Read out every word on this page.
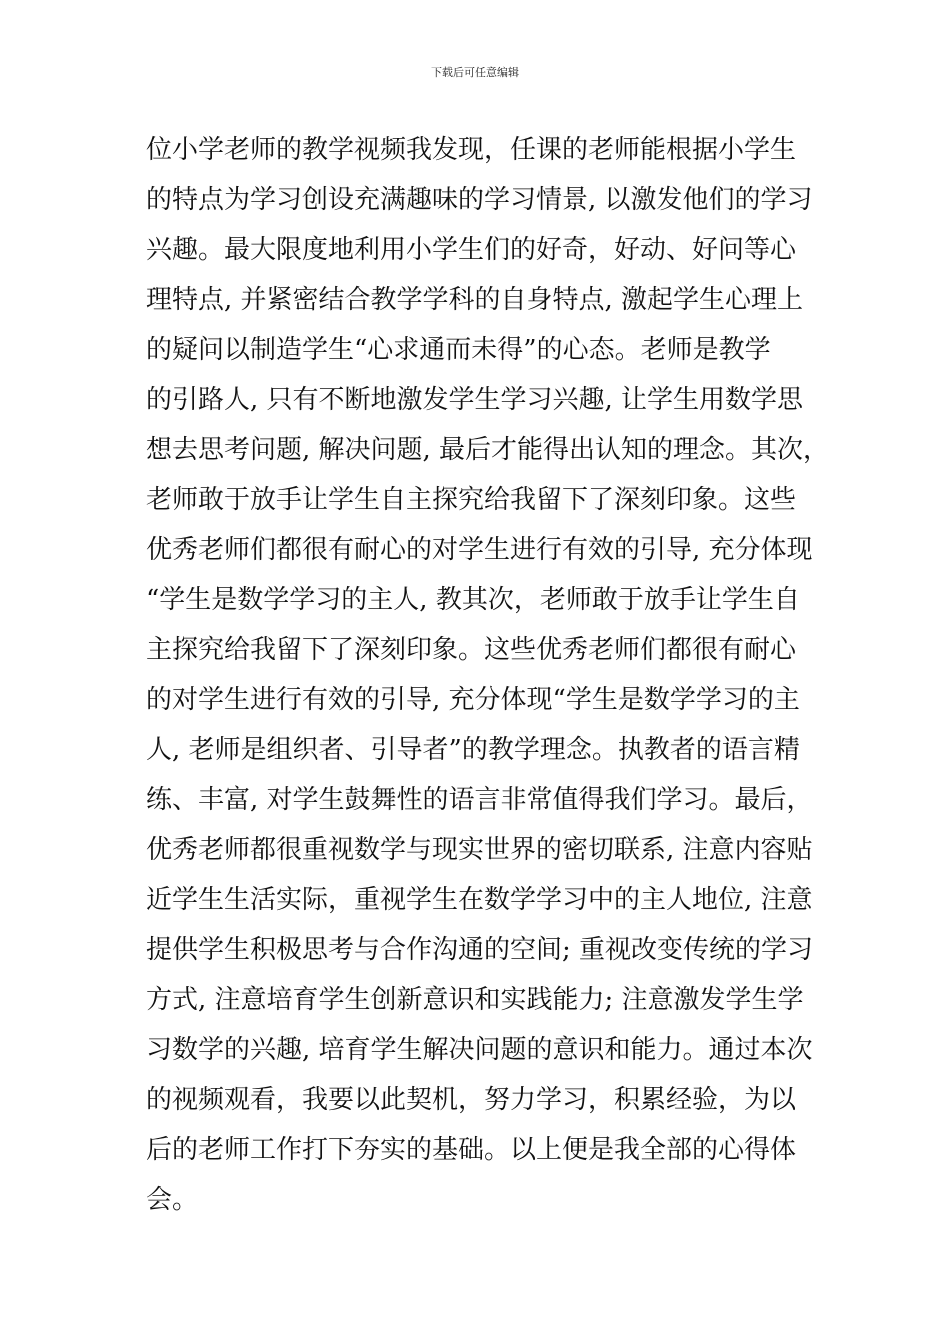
下载后可任意编辑
位小学老师的教学视频我发现，任课的老师能根据小学生
的特点为学习创设充满趣味的学习情景, 以激发他们的学习
兴趣。最大限度地利用小学生们的好奇，好动、好问等心
理特点, 并紧密结合教学学科的自身特点, 激起学生心理上
的疑问以制造学生“心求通而未得”的心态。老师是教学
的引路人, 只有不断地激发学生学习兴趣, 让学生用数学思
想去思考问题, 解决问题, 最后才能得出认知的理念。其次，
老师敢于放手让学生自主探究给我留下了深刻印象。这些
优秀老师们都很有耐心的对学生进行有效的引导, 充分体现
“学生是数学学习的主人, 教其次，老师敢于放手让学生自
主探究给我留下了深刻印象。这些优秀老师们都很有耐心
的对学生进行有效的引导, 充分体现“学生是数学学习的主
人, 老师是组织者、引导者”的教学理念。执教者的语言精
练、丰富, 对学生鼓舞性的语言非常值得我们学习。最后，
优秀老师都很重视数学与现实世界的密切联系, 注意内容贴
近学生生活实际，重视学生在数学学习中的主人地位, 注意
提供学生积极思考与合作沟通的空间; 重视改变传统的学习
方式, 注意培育学生创新意识和实践能力; 注意激发学生学
习数学的兴趣, 培育学生解决问题的意识和能力。通过本次
的视频观看，我要以此契机，努力学习，积累经验，为以
后的老师工作打下夯实的基础。以上便是我全部的心得体
会。
